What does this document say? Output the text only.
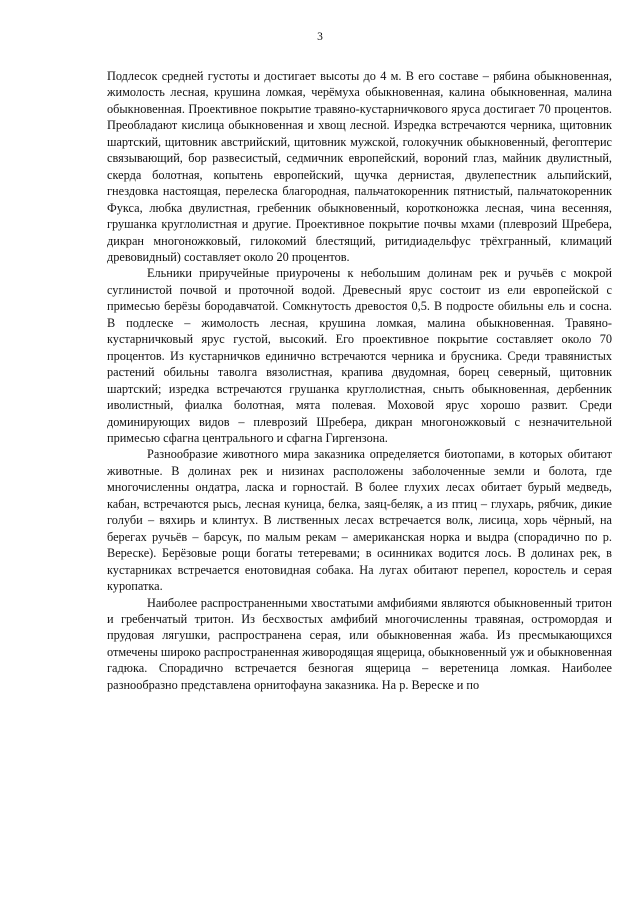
3

Подлесок средней густоты и достигает высоты до 4 м. В его составе – рябина обыкновенная, жимолость лесная, крушина ломкая, черёмуха обыкновенная, калина обыкновенная, малина обыкновенная. Проективное покрытие травяно-кустарничкового яруса достигает 70 процентов. Преобладают кислица обыкновенная и хвощ лесной. Изредка встречаются черника, щитовник шартский, щитовник австрийский, щитовник мужской, голокучник обыкновенный, фегоптерис связывающий, бор развесистый, седмичник европейский, вороний глаз, майник двулистный, скерда болотная, копытень европейский, щучка дернистая, двулепестник альпийский, гнездовка настоящая, перелеска благородная, пальчатокоренник пятнистый, пальчатокоренник Фукса, любка двулистная, гребенник обыкновенный, коротконожка лесная, чина весенняя, грушанка круглолистная и другие. Проективное покрытие почвы мхами (плеврозий Шребера, дикран многоножковый, гилокомий блестящий, ритидиадельфус трёхгранный, климаций древовидный) составляет около 20 процентов.

Ельники приручейные приурочены к небольшим долинам рек и ручьёв с мокрой суглинистой почвой и проточной водой. Древесный ярус состоит из ели европейской с примесью берёзы бородавчатой. Сомкнутость древостоя 0,5. В подросте обильны ель и сосна. В подлеске – жимолость лесная, крушина ломкая, малина обыкновенная. Травяно-кустарничковый ярус густой, высокий. Его проективное покрытие составляет около 70 процентов. Из кустарничков единично встречаются черника и брусника. Среди травянистых растений обильны таволга вязолистная, крапива двудомная, борец северный, щитовник шартский; изредка встречаются грушанка круглолистная, сныть обыкновенная, дербенник иволистный, фиалка болотная, мята полевая. Моховой ярус хорошо развит. Среди доминирующих видов – плеврозий Шребера, дикран многоножковый с незначительной примесью сфагна центрального и сфагна Гиргензона.

Разнообразие животного мира заказника определяется биотопами, в которых обитают животные. В долинах рек и низинах расположены заболоченные земли и болота, где многочисленны ондатра, ласка и горностай. В более глухих лесах обитает бурый медведь, кабан, встречаются рысь, лесная куница, белка, заяц-беляк, а из птиц – глухарь, рябчик, дикие голуби – вяхирь и клинтух. В лиственных лесах встречается волк, лисица, хорь чёрный, на берегах ручьёв – барсук, по малым рекам – американская норка и выдра (спорадично по р. Вереске). Берёзовые рощи богаты тетеревами; в осинниках водится лось. В долинах рек, в кустарниках встречается енотовидная собака. На лугах обитают перепел, коростель и серая куропатка.

Наиболее распространенными хвостатыми амфибиями являются обыкновенный тритон и гребенчатый тритон. Из бесхвостых амфибий многочисленны травяная, остромордая и прудовая лягушки, распространена серая, или обыкновенная жаба. Из пресмыкающихся отмечены широко распространенная живородящая ящерица, обыкновенный уж и обыкновенная гадюка. Спорадично встречается безногая ящерица – веретеница ломкая. Наиболее разнообразно представлена орнитофауна заказника. На р. Вереске и по
